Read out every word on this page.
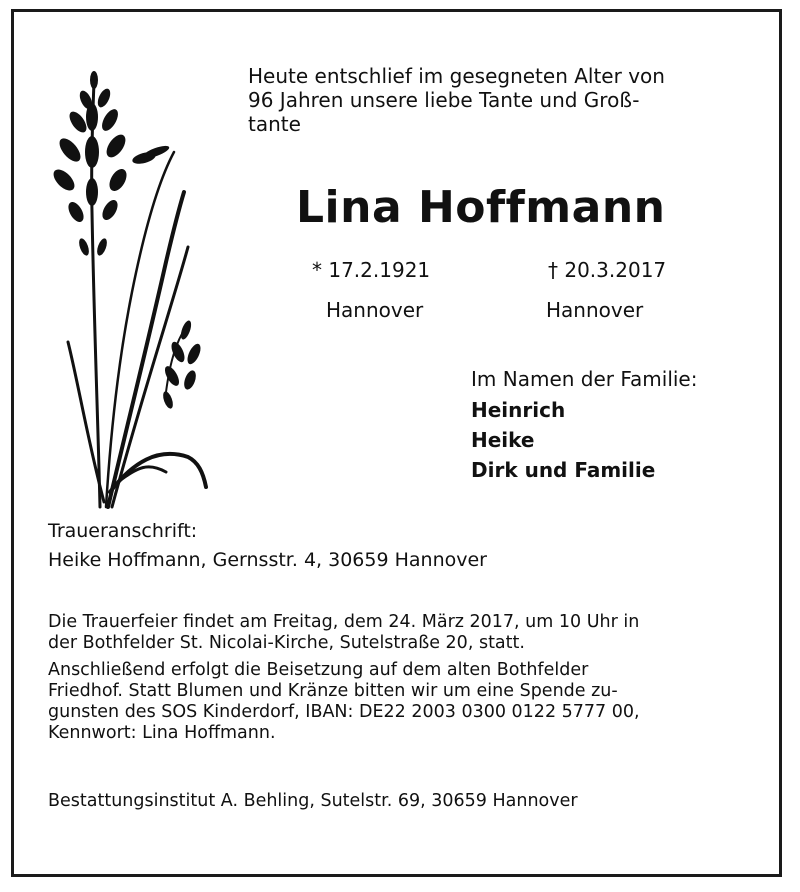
Heute entschlief im gesegneten Alter von
96 Jahren unsere liebe Tante und Groß-
tante
Lina Hoffmann
* 17.2.1921
Hannover
† 20.3.2017
Hannover
Im Namen der Familie:
Heinrich
Heike
Dirk und Familie
Traueranschrift:
Heike Hoffmann, Gernsstr. 4, 30659 Hannover
Die Trauerfeier findet am Freitag, dem 24. März 2017, um 10 Uhr in
der Bothfelder St. Nicolai-Kirche, Sutelstraße 20, statt.
Anschließend erfolgt die Beisetzung auf dem alten Bothfelder
Friedhof. Statt Blumen und Kränze bitten wir um eine Spende zu-
gunsten des SOS Kinderdorf, IBAN: DE22 2003 0300 0122 5777 00,
Kennwort: Lina Hoffmann.
Bestattungsinstitut A. Behling, Sutelstr. 69, 30659 Hannover
